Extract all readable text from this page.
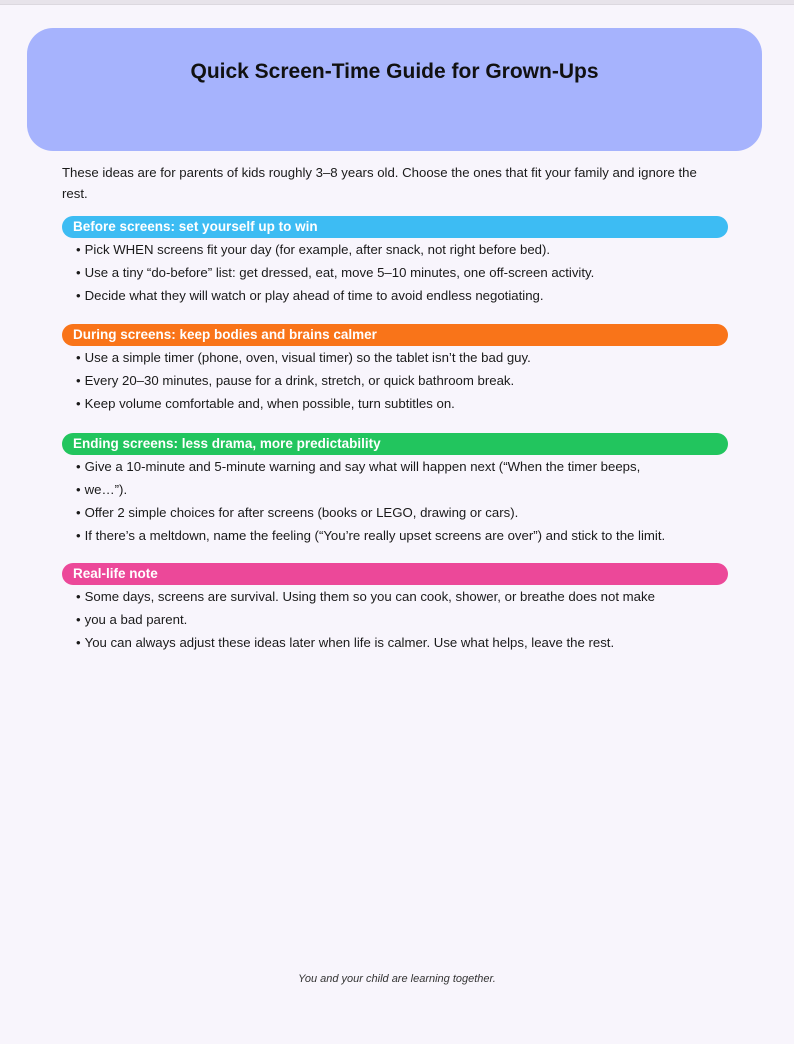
Quick Screen-Time Guide for Grown-Ups

These ideas are for parents of kids roughly 3–8 years old. Choose the ones that fit your family and ignore the rest.

Before screens: set yourself up to win
• Pick WHEN screens fit your day (for example, after snack, not right before bed).
• Use a tiny “do-before” list: get dressed, eat, move 5–10 minutes, one off-screen activity.
• Decide what they will watch or play ahead of time to avoid endless negotiating.
During screens: keep bodies and brains calmer
• Use a simple timer (phone, oven, visual timer) so the tablet isn’t the bad guy.
• Every 20–30 minutes, pause for a drink, stretch, or quick bathroom break.
• Keep volume comfortable and, when possible, turn subtitles on.
Ending screens: less drama, more predictability
• Give a 10-minute and 5-minute warning and say what will happen next (“When the timer beeps,
• we…”).
• Offer 2 simple choices for after screens (books or LEGO, drawing or cars).
• If there’s a meltdown, name the feeling (“You’re really upset screens are over”) and stick to the limit.
Real-life note
• Some days, screens are survival. Using them so you can cook, shower, or breathe does not make
• you a bad parent.
• You can always adjust these ideas later when life is calmer. Use what helps, leave the rest.
You and your child are learning together.
